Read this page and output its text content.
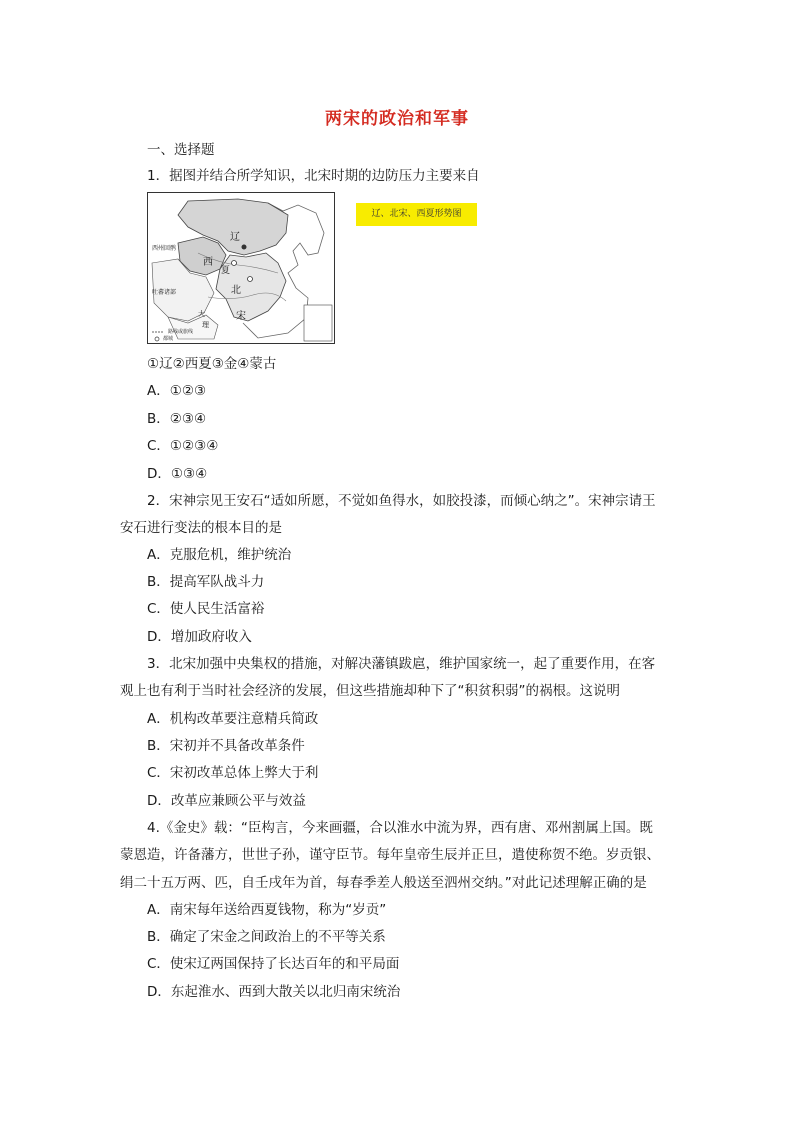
两宋的政治和军事
一、选择题
1．据图并结合所学知识，北宋时期的边防压力主要来自
辽
西州回鹘
西
夏
北
吐蕃诸部
宋
大
理
路线或旅线
都城
辽、北宋、西夏形势图
①辽②西夏③金④蒙古
A．①②③
B．②③④
C．①②③④
D．①③④
2．宋神宗见王安石“适如所愿，不觉如鱼得水，如胶投漆，而倾心纳之”。宋神宗请王
安石进行变法的根本目的是
A．克服危机，维护统治
B．提高军队战斗力
C．使人民生活富裕
D．增加政府收入
3．北宋加强中央集权的措施，对解决藩镇跋扈，维护国家统一，起了重要作用，在客
观上也有利于当时社会经济的发展，但这些措施却种下了“积贫积弱”的祸根。这说明
A．机构改革要注意精兵简政
B．宋初并不具备改革条件
C．宋初改革总体上弊大于利
D．改革应兼顾公平与效益
4.《金史》载：“臣构言，今来画疆，合以淮水中流为界，西有唐、邓州割属上国。既
蒙恩造，许备藩方，世世子孙，谨守臣节。每年皇帝生辰并正旦，遣使称贺不绝。岁贡银、
绢二十五万两、匹，自壬戌年为首，每春季差人般送至泗州交纳。”对此记述理解正确的是
A．南宋每年送给西夏钱物，称为“岁贡”
B．确定了宋金之间政治上的不平等关系
C．使宋辽两国保持了长达百年的和平局面
D．东起淮水、西到大散关以北归南宋统治
